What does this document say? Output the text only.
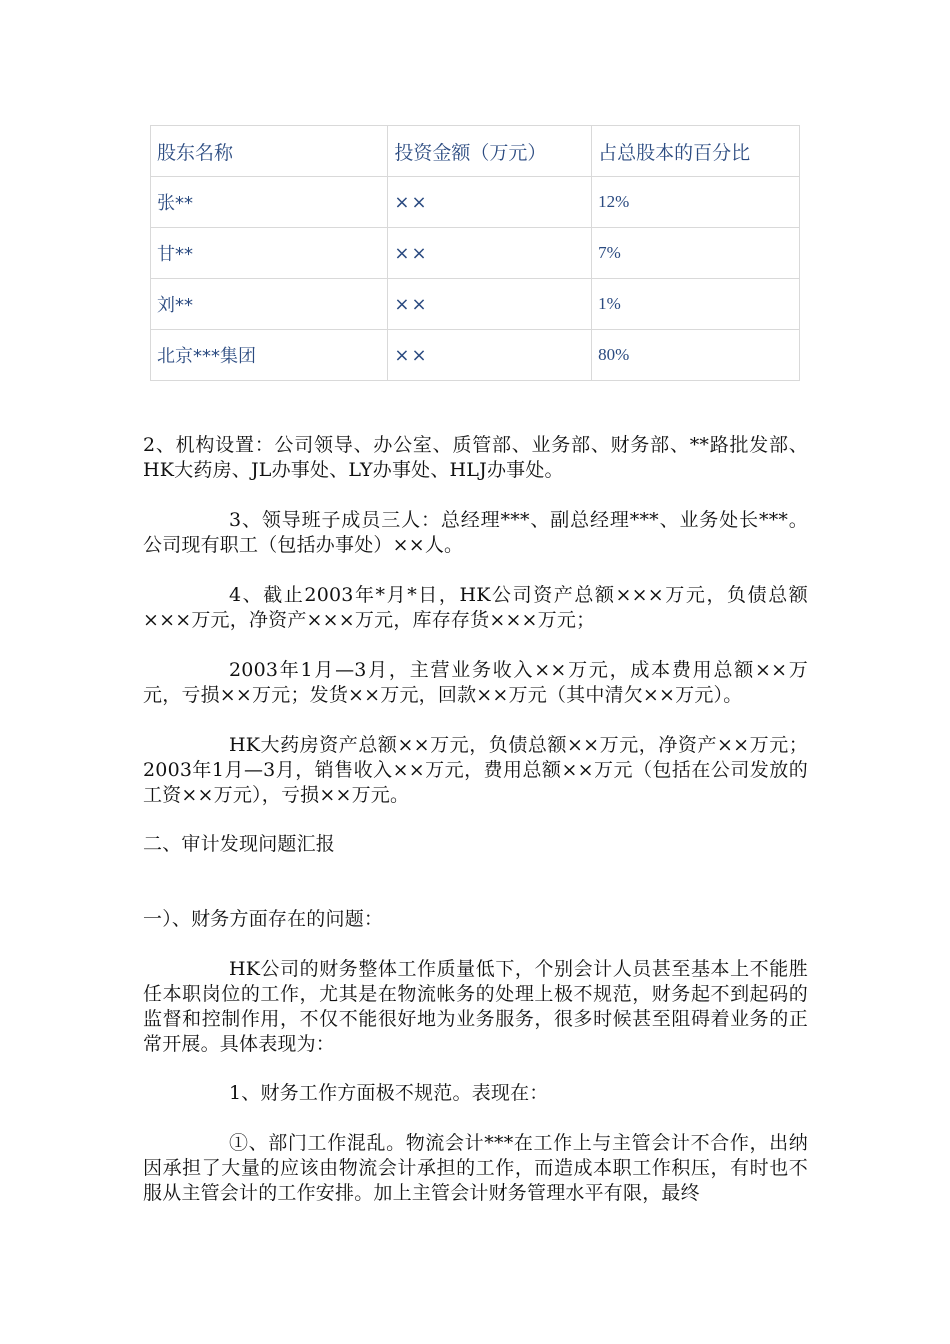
股东名称	投资金额（万元）	占总股本的百分比
张**	××	12%
甘**	××	7%
刘**	××	1%
北京***集团	××	80%

2、机构设置：公司领导、办公室、质管部、业务部、财务部、**路批发部、HK大药房、JL办事处、LY办事处、HLJ办事处。

3、领导班子成员三人：总经理***、副总经理***、业务处长***。公司现有职工（包括办事处）××人。

4、截止2003年*月*日，HK公司资产总额×××万元，负债总额×××万元，净资产×××万元，库存存货×××万元；

2003年1月—3月，主营业务收入××万元，成本费用总额××万元，亏损××万元；发货××万元，回款××万元（其中清欠××万元）。

HK大药房资产总额××万元，负债总额××万元，净资产××万元；2003年1月—3月，销售收入××万元，费用总额××万元（包括在公司发放的工资××万元），亏损××万元。

二、审计发现问题汇报

一）、财务方面存在的问题：

HK公司的财务整体工作质量低下，个别会计人员甚至基本上不能胜任本职岗位的工作，尤其是在物流帐务的处理上极不规范，财务起不到起码的监督和控制作用，不仅不能很好地为业务服务，很多时候甚至阻碍着业务的正常开展。具体表现为：

1、财务工作方面极不规范。表现在：

①、部门工作混乱。物流会计***在工作上与主管会计不合作，出纳因承担了大量的应该由物流会计承担的工作，而造成本职工作积压，有时也不服从主管会计的工作安排。加上主管会计财务管理水平有限，最终
